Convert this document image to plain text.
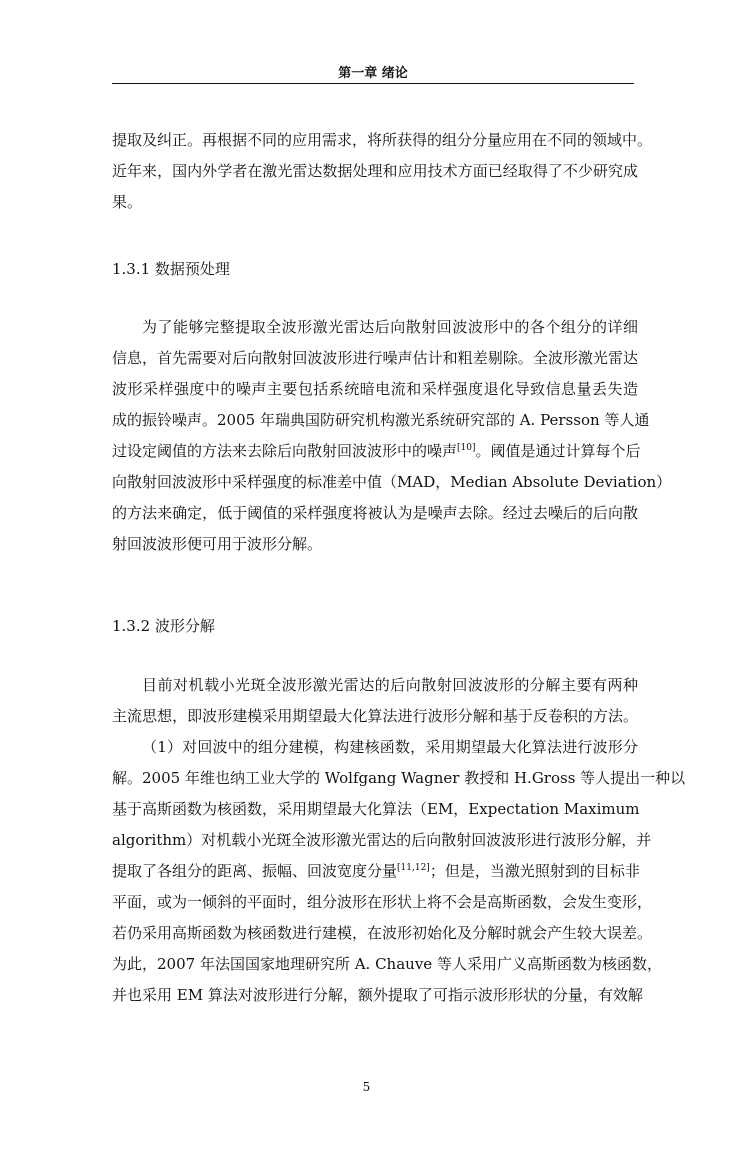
第一章 绪论

提取及纠正。再根据不同的应用需求，将所获得的组分分量应用在不同的领域中。
近年来，国内外学者在激光雷达数据处理和应用技术方面已经取得了不少研究成
果。

1.3.1 数据预处理

为了能够完整提取全波形激光雷达后向散射回波波形中的各个组分的详细
信息，首先需要对后向散射回波波形进行噪声估计和粗差剔除。全波形激光雷达
波形采样强度中的噪声主要包括系统暗电流和采样强度退化导致信息量丢失造
成的振铃噪声。2005 年瑞典国防研究机构激光系统研究部的 A. Persson 等人通
过设定阈值的方法来去除后向散射回波波形中的噪声[10]。阈值是通过计算每个后
向散射回波波形中采样强度的标准差中值（MAD，Median Absolute Deviation）
的方法来确定，低于阈值的采样强度将被认为是噪声去除。经过去噪后的后向散
射回波波形便可用于波形分解。

1.3.2 波形分解

目前对机载小光斑全波形激光雷达的后向散射回波波形的分解主要有两种
主流思想，即波形建模采用期望最大化算法进行波形分解和基于反卷积的方法。

（1）对回波中的组分建模，构建核函数，采用期望最大化算法进行波形分
解。2005 年维也纳工业大学的 Wolfgang Wagner 教授和 H.Gross 等人提出一种以
基于高斯函数为核函数，采用期望最大化算法（EM，Expectation Maximum
algorithm）对机载小光斑全波形激光雷达的后向散射回波波形进行波形分解，并
提取了各组分的距离、振幅、回波宽度分量[11,12]；但是，当激光照射到的目标非
平面，或为一倾斜的平面时，组分波形在形状上将不会是高斯函数，会发生变形，
若仍采用高斯函数为核函数进行建模，在波形初始化及分解时就会产生较大误差。
为此，2007 年法国国家地理研究所 A. Chauve 等人采用广义高斯函数为核函数，
并也采用 EM 算法对波形进行分解，额外提取了可指示波形形状的分量，有效解

5
